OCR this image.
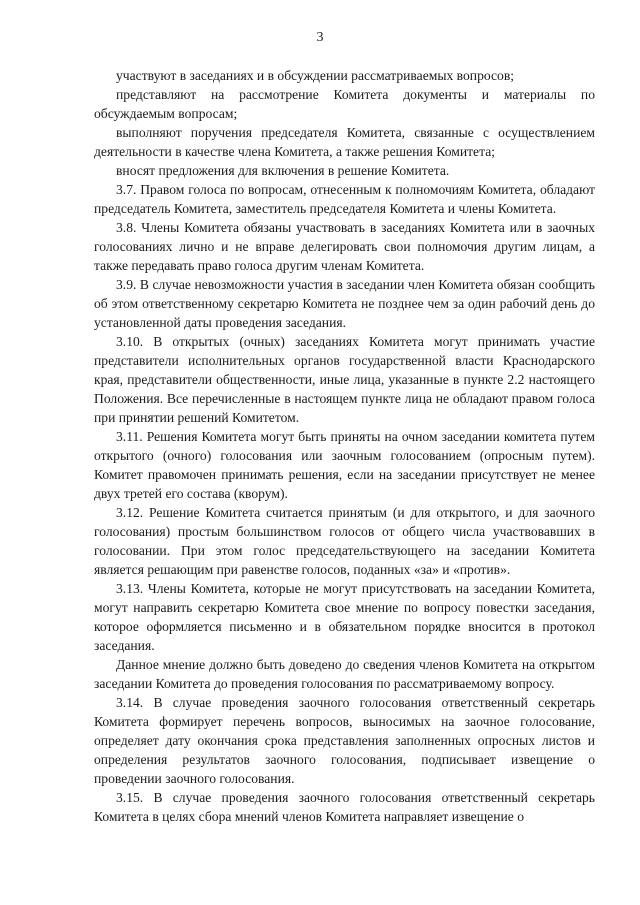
3

участвуют в заседаниях и в обсуждении рассматриваемых вопросов;

представляют на рассмотрение Комитета документы и материалы по обсуждаемым вопросам;

выполняют поручения председателя Комитета, связанные с осуществлением деятельности в качестве члена Комитета, а также решения Комитета;

вносят предложения для включения в решение Комитета.

3.7. Правом голоса по вопросам, отнесенным к полномочиям Комитета, обладают председатель Комитета, заместитель председателя Комитета и члены Комитета.

3.8. Члены Комитета обязаны участвовать в заседаниях Комитета или в заочных голосованиях лично и не вправе делегировать свои полномочия другим лицам, а также передавать право голоса другим членам Комитета.

3.9. В случае невозможности участия в заседании член Комитета обязан сообщить об этом ответственному секретарю Комитета не позднее чем за один рабочий день до установленной даты проведения заседания.

3.10. В открытых (очных) заседаниях Комитета могут принимать участие представители исполнительных органов государственной власти Краснодарского края, представители общественности, иные лица, указанные в пункте 2.2 настоящего Положения. Все перечисленные в настоящем пункте лица не обладают правом голоса при принятии решений Комитетом.

3.11. Решения Комитета могут быть приняты на очном заседании комитета путем открытого (очного) голосования или заочным голосованием (опросным путем). Комитет правомочен принимать решения, если на заседании присутствует не менее двух третей его состава (кворум).

3.12. Решение Комитета считается принятым (и для открытого, и для заочного голосования) простым большинством голосов от общего числа участвовавших в голосовании. При этом голос председательствующего на заседании Комитета является решающим при равенстве голосов, поданных «за» и «против».

3.13. Члены Комитета, которые не могут присутствовать на заседании Комитета, могут направить секретарю Комитета свое мнение по вопросу повестки заседания, которое оформляется письменно и в обязательном порядке вносится в протокол заседания.

Данное мнение должно быть доведено до сведения членов Комитета на открытом заседании Комитета до проведения голосования по рассматриваемому вопросу.

3.14. В случае проведения заочного голосования ответственный секретарь Комитета формирует перечень вопросов, выносимых на заочное голосование, определяет дату окончания срока представления заполненных опросных листов и определения результатов заочного голосования, подписывает извещение о проведении заочного голосования.

3.15. В случае проведения заочного голосования ответственный секретарь Комитета в целях сбора мнений членов Комитета направляет извещение о
